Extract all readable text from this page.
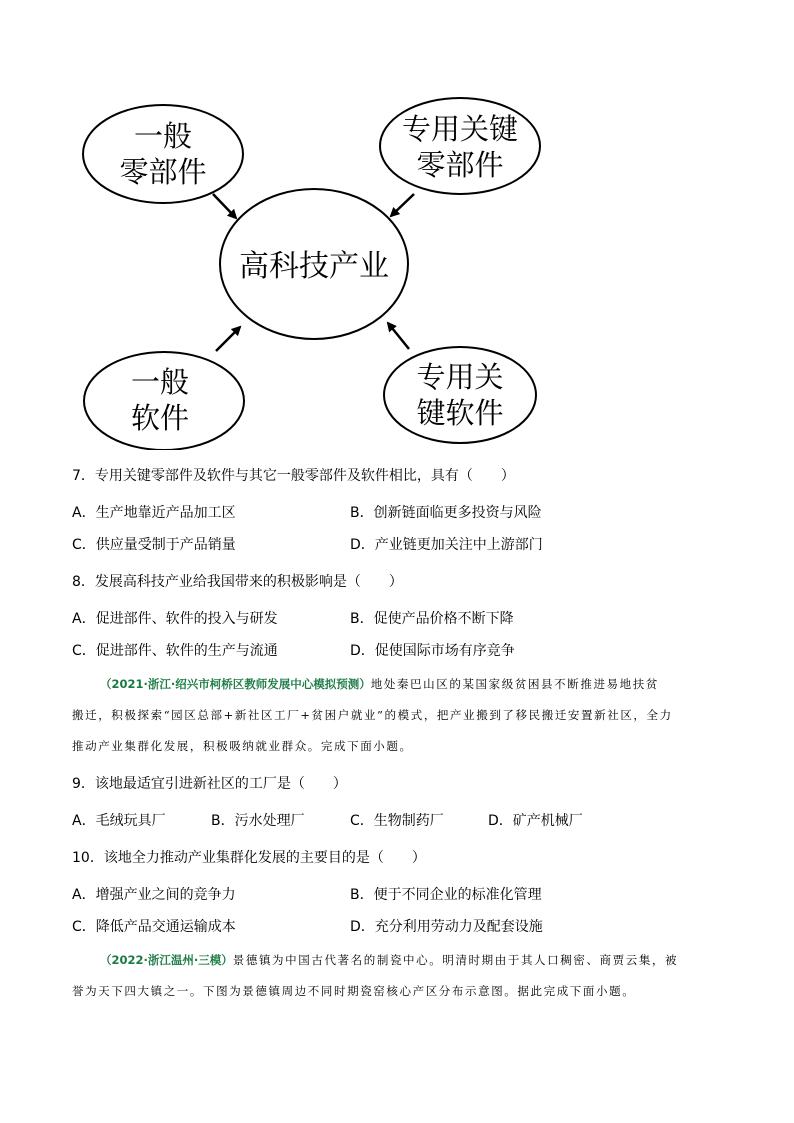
高科技产业
一般
零部件
专用关键
零部件
一般
软件
专用关
键软件
7．专用关键零部件及软件与其它一般零部件及软件相比，具有（　　）
A．生产地靠近产品加工区	B．创新链面临更多投资与风险
C．供应量受制于产品销量	D．产业链更加关注中上游部门
8．发展高科技产业给我国带来的积极影响是（　　）
A．促进部件、软件的投入与研发	B．促使产品价格不断下降
C．促进部件、软件的生产与流通	D．促使国际市场有序竞争
（2021·浙江·绍兴市柯桥区教师发展中心模拟预测）地处秦巴山区的某国家级贫困县不断推进易地扶贫
搬迁，积极探索“园区总部+新社区工厂+贫困户就业”的模式，把产业搬到了移民搬迁安置新社区，全力
推动产业集群化发展，积极吸纳就业群众。完成下面小题。
9．该地最适宜引进新社区的工厂是（　　）
A．毛绒玩具厂	B．污水处理厂	C．生物制药厂	D．矿产机械厂
10．该地全力推动产业集群化发展的主要目的是（　　）
A．增强产业之间的竞争力	B．便于不同企业的标准化管理
C．降低产品交通运输成本	D．充分利用劳动力及配套设施
（2022·浙江温州·三模）景德镇为中国古代著名的制瓷中心。明清时期由于其人口稠密、商贾云集，被
誉为天下四大镇之一。下图为景德镇周边不同时期瓷窑核心产区分布示意图。据此完成下面小题。
